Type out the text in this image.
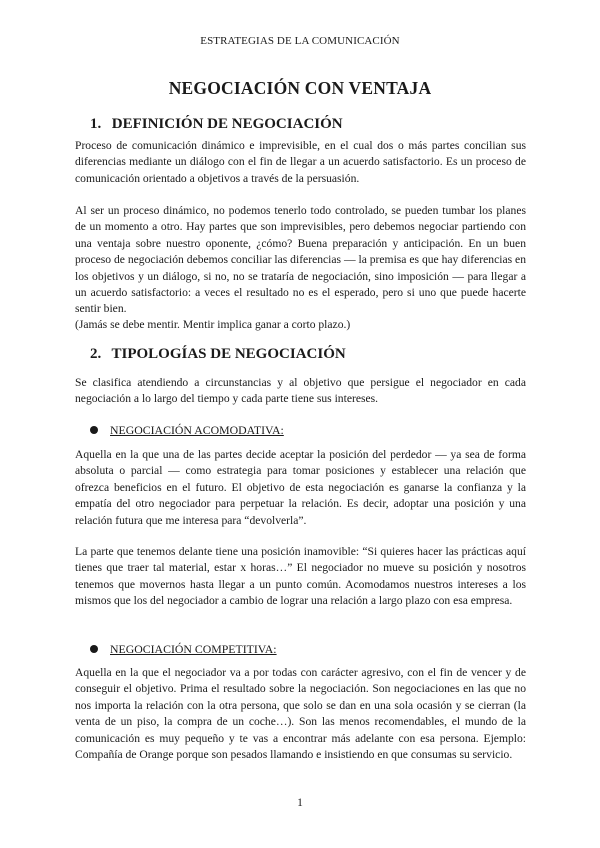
ESTRATEGIAS DE LA COMUNICACIÓN
NEGOCIACIÓN CON VENTAJA
1. DEFINICIÓN DE NEGOCIACIÓN

Proceso de comunicación dinámico e imprevisible, en el cual dos o más partes concilian sus diferencias mediante un diálogo con el fin de llegar a un acuerdo satisfactorio. Es un proceso de comunicación orientado a objetivos a través de la persuasión.

Al ser un proceso dinámico, no podemos tenerlo todo controlado, se pueden tumbar los planes de un momento a otro. Hay partes que son imprevisibles, pero debemos negociar partiendo con una ventaja sobre nuestro oponente, ¿cómo? Buena preparación y anticipación. En un buen proceso de negociación debemos conciliar las diferencias — la premisa es que hay diferencias en los objetivos y un diálogo, si no, no se trataría de negociación, sino imposición — para llegar a un acuerdo satisfactorio: a veces el resultado no es el esperado, pero si uno que puede hacerte sentir bien.

(Jamás se debe mentir. Mentir implica ganar a corto plazo.)

2. TIPOLOGÍAS DE NEGOCIACIÓN

Se clasifica atendiendo a circunstancias y al objetivo que persigue el negociador en cada negociación a lo largo del tiempo y cada parte tiene sus intereses.

NEGOCIACIÓN ACOMODATIVA:

Aquella en la que una de las partes decide aceptar la posición del perdedor — ya sea de forma absoluta o parcial — como estrategia para tomar posiciones y establecer una relación que ofrezca beneficios en el futuro. El objetivo de esta negociación es ganarse la confianza y la empatía del otro negociador para perpetuar la relación. Es decir, adoptar una posición y una relación futura que me interesa para “devolverla”.

La parte que tenemos delante tiene una posición inamovible: “Si quieres hacer las prácticas aquí tienes que traer tal material, estar x horas…” El negociador no mueve su posición y nosotros tenemos que movernos hasta llegar a un punto común. Acomodamos nuestros intereses a los mismos que los del negociador a cambio de lograr una relación a largo plazo con esa empresa.

NEGOCIACIÓN COMPETITIVA:

Aquella en la que el negociador va a por todas con carácter agresivo, con el fin de vencer y de conseguir el objetivo. Prima el resultado sobre la negociación. Son negociaciones en las que no nos importa la relación con la otra persona, que solo se dan en una sola ocasión y se cierran (la venta de un piso, la compra de un coche…). Son las menos recomendables, el mundo de la comunicación es muy pequeño y te vas a encontrar más adelante con esa persona. Ejemplo: Compañía de Orange porque son pesados llamando e insistiendo en que consumas su servicio.

1
